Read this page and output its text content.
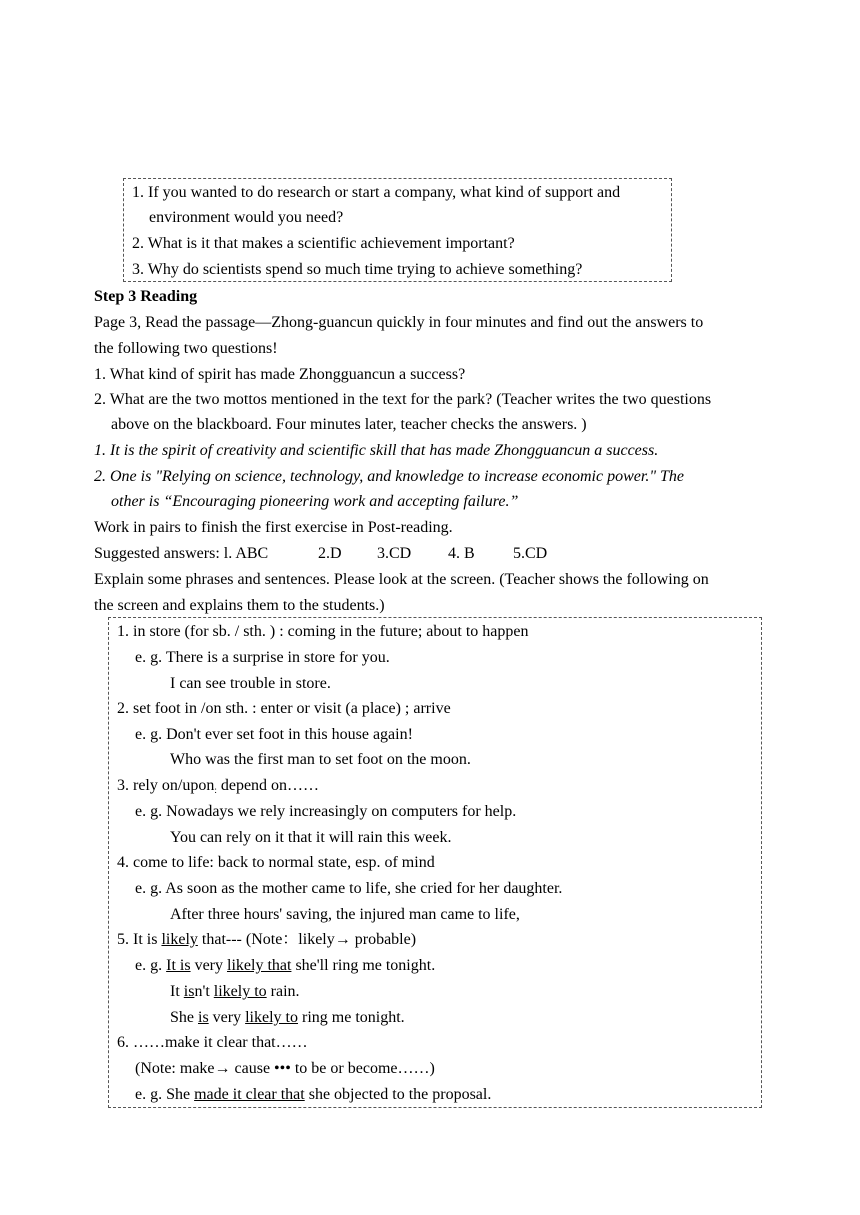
1. If you wanted to do research or start a company, what kind of support and
environment would you need?
2. What is it that makes a scientific achievement important?
3. Why do scientists spend so much time trying to achieve something?
Step 3 Reading
Page 3, Read the passage—Zhong-guancun quickly in four minutes and find out the answers to
the following two questions!
1. What kind of spirit has made Zhongguancun a success?
2. What are the two mottos mentioned in the text for the park? (Teacher writes the two questions
above on the blackboard. Four minutes later, teacher checks the answers. )
1. It is the spirit of creativity and scientific skill that has made Zhongguancun a success.
2. One is "Relying on science, technology, and knowledge to increase economic power." The
other is “Encouraging pioneering work and accepting failure.”
Work in pairs to finish the first exercise in Post-reading.
Suggested answers: l. ABC	2.D 3.CD 4. B 5.CD
Explain some phrases and sentences. Please look at the screen. (Teacher shows the following on
the screen and explains them to the students.)
1. in store (for sb. / sth. ) : coming in the future; about to happen
e. g. There is a surprise in store for you.
I can see trouble in store.
2. set foot in /on sth. : enter or visit (a place) ; arrive
e. g. Don't ever set foot in this house again!
Who was the first man to set foot on the moon.
3. rely on/upon: depend on……
e. g. Nowadays we rely increasingly on computers for help.
You can rely on it that it will rain this week.
4. come to life: back to normal state, esp. of mind
e. g. As soon as the mother came to life, she cried for her daughter.
After three hours' saving, the injured man came to life,
5. It is likely that--- (Note：likely→ probable)
e. g. It is very likely that she'll ring me tonight.
It isn't likely to rain.
She is very likely to ring me tonight.
6. ……make it clear that……
(Note: make→ cause ••• to be or become……)
e. g. She made it clear that she objected to the proposal.
